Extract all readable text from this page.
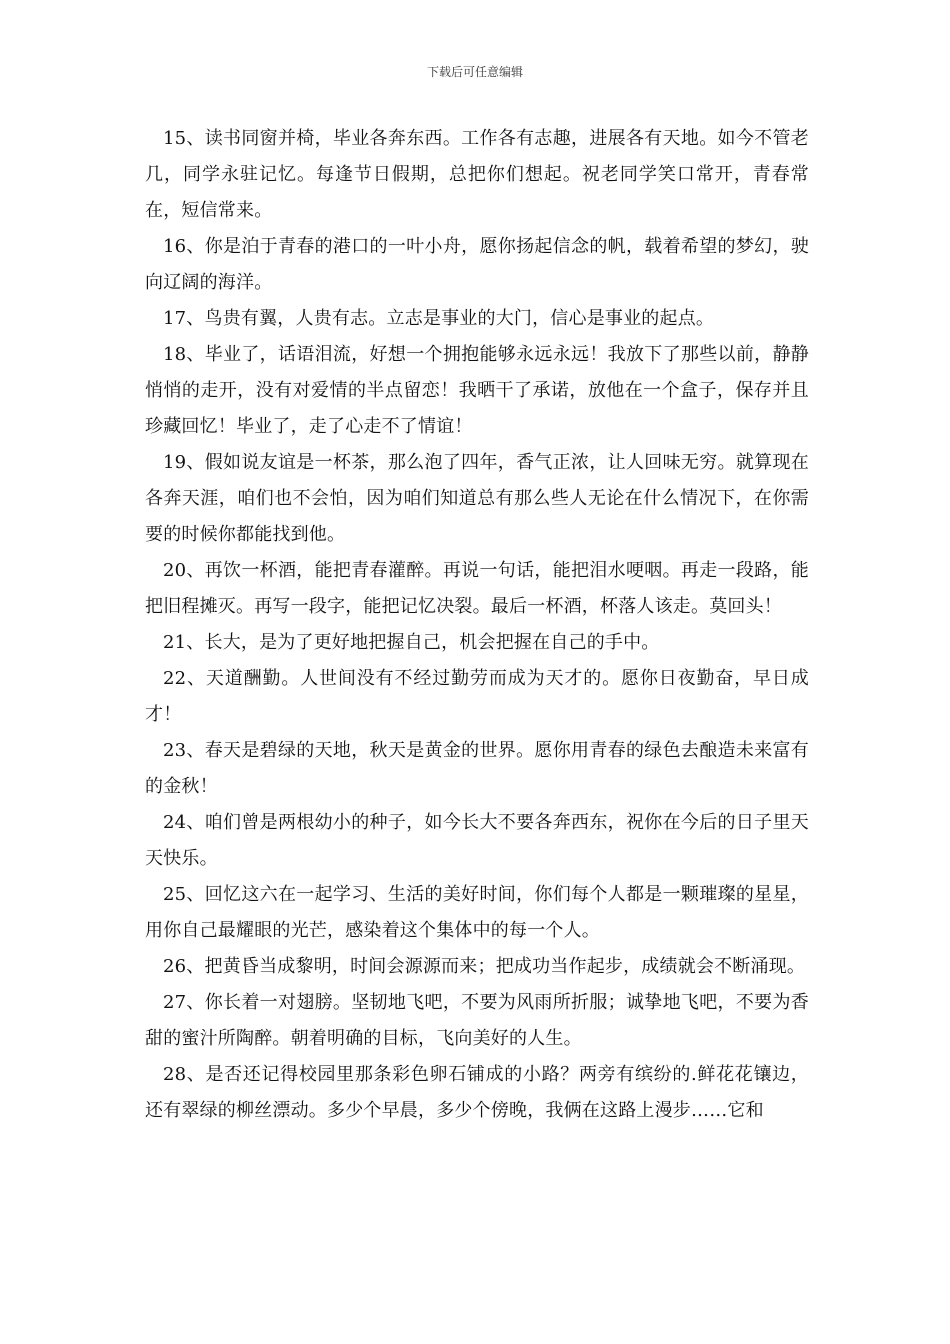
下载后可任意编辑

15、读书同窗并椅，毕业各奔东西。工作各有志趣，进展各有天地。如今不管老几，同学永驻记忆。每逢节日假期，总把你们想起。祝老同学笑口常开，青春常在，短信常来。

16、你是泊于青春的港口的一叶小舟，愿你扬起信念的帆，载着希望的梦幻，驶向辽阔的海洋。

17、鸟贵有翼，人贵有志。立志是事业的大门，信心是事业的起点。

18、毕业了，话语泪流，好想一个拥抱能够永远永远！我放下了那些以前，静静悄悄的走开，没有对爱情的半点留恋！我晒干了承诺，放他在一个盒子，保存并且珍藏回忆！毕业了，走了心走不了情谊！

19、假如说友谊是一杯茶，那么泡了四年，香气正浓，让人回味无穷。就算现在各奔天涯，咱们也不会怕，因为咱们知道总有那么些人无论在什么情况下，在你需要的时候你都能找到他。

20、再饮一杯酒，能把青春灌醉。再说一句话，能把泪水哽咽。再走一段路，能把旧程摊灭。再写一段字，能把记忆决裂。最后一杯酒，杯落人该走。莫回头！

21、长大，是为了更好地把握自己，机会把握在自己的手中。

22、天道酬勤。人世间没有不经过勤劳而成为天才的。愿你日夜勤奋，早日成才！

23、春天是碧绿的天地，秋天是黄金的世界。愿你用青春的绿色去酿造未来富有的金秋！

24、咱们曾是两根幼小的种子，如今长大不要各奔西东，祝你在今后的日子里天天快乐。

25、回忆这六在一起学习、生活的美好时间，你们每个人都是一颗璀璨的星星，用你自己最耀眼的光芒，感染着这个集体中的每一个人。

26、把黄昏当成黎明，时间会源源而来；把成功当作起步，成绩就会不断涌现。

27、你长着一对翅膀。坚韧地飞吧，不要为风雨所折服；诚挚地飞吧，不要为香甜的蜜汁所陶醉。朝着明确的目标，飞向美好的人生。

28、是否还记得校园里那条彩色卵石铺成的小路？两旁有缤纷的.鲜花花镶边，还有翠绿的柳丝漂动。多少个早晨，多少个傍晚，我俩在这路上漫步……它和
